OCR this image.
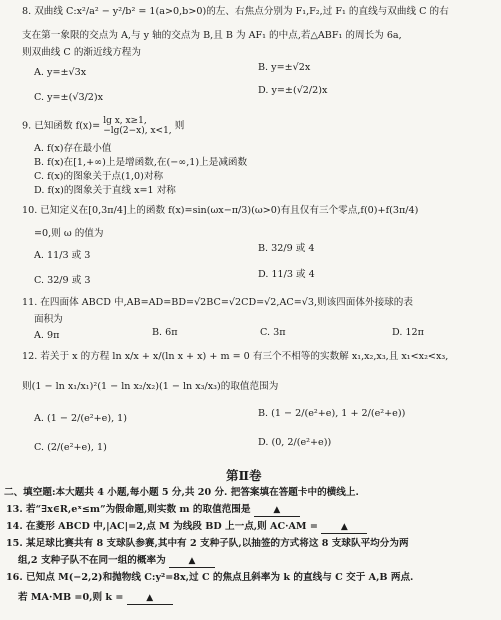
8. 双曲线 C:x²/a² − y²/b² = 1(a>0,b>0)的左、右焦点分别为 F₁,F₂,过 F₁ 的直线与双曲线 C 的右
支在第一象限的交点为 A,与 y 轴的交点为 B,且 B 为 AF₁ 的中点,若△ABF₁ 的周长为 6a,
则双曲线 C 的渐近线方程为
A. y=±√3x	B. y=±√2x
C. y=±(√3/2)x
D. y=±(√2/2)x
9. 已知函数 f(x)= lg x, x≥1,
−lg(2−x), x<1, 则
A. f(x)存在最小值
B. f(x)在[1,+∞)上是增函数,在(−∞,1)上是减函数
C. f(x)的图象关于点(1,0)对称
D. f(x)的图象关于直线 x=1 对称
10. 已知定义在[0,3π/4]上的函数 f(x)=sin(ωx−π/3)(ω>0)有且仅有三个零点,f(0)+f(3π/4)
=0,则 ω 的值为
A. 11/3 或 3
B. 32/9 或 4
C. 32/9 或 3
D. 11/3 或 4
11. 在四面体 ABCD 中,AB=AD=BD=√2BC=√2CD=√2,AC=√3,则该四面体外接球的表
面积为
A. 9π	B. 6π	C. 3π	D. 12π
12. 若关于 x 的方程 ln x/x + x/(ln x + x) + m = 0 有三个不相等的实数解 x₁,x₂,x₃,且 x₁<x₂<x₃,
则(1 − ln x₁/x₁)²(1 − ln x₂/x₂)(1 − ln x₃/x₃)的取值范围为
A. (1 − 2/(e²+e), 1)	B. (1 − 2/(e²+e), 1 + 2/(e²+e))
C. (2/(e²+e), 1)	D. (0, 2/(e²+e))
第Ⅱ卷
二、填空题:本大题共 4 小题,每小题 5 分,共 20 分. 把答案填在答题卡中的横线上.
13. 若“∃x∈R,eˣ≤m”为假命题,则实数 m 的取值范围是	▲
14. 在菱形 ABCD 中,|AC|=2,点 M 为线段 BD 上一点,则 AC·AM =	▲
15. 某足球比赛共有 8 支球队参赛,其中有 2 支种子队,以抽签的方式将这 8 支球队平均分为两
组,2 支种子队不在同一组的概率为	▲
16. 已知点 M(−2,2)和抛物线 C:y²=8x,过 C 的焦点且斜率为 k 的直线与 C 交于 A,B 两点.
若 MA·MB =0,则 k =	▲
